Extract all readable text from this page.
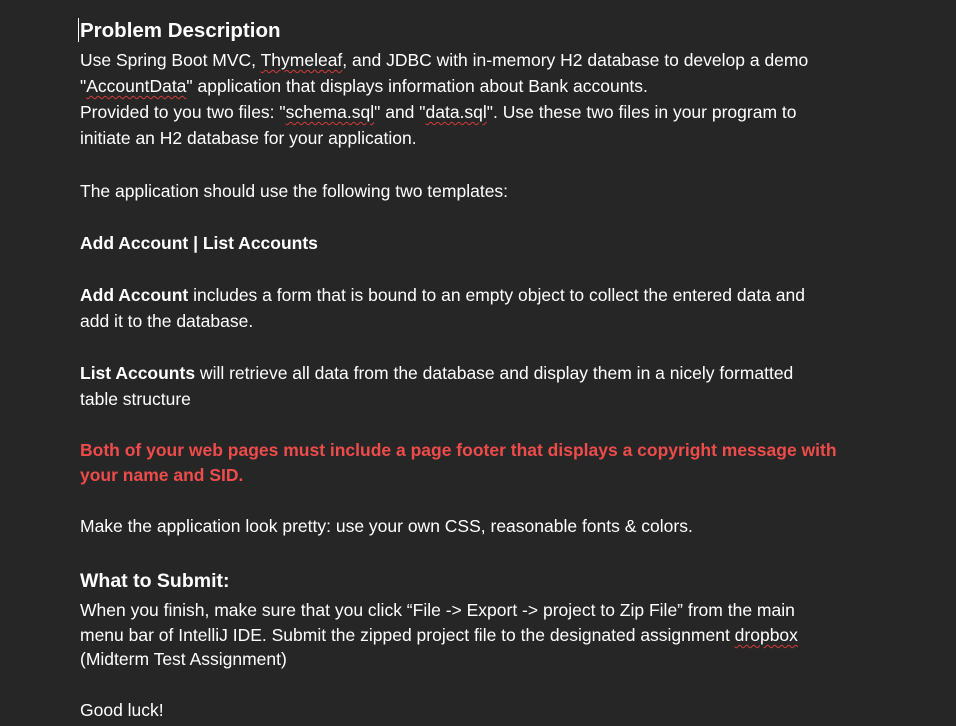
Problem Description
Use Spring Boot MVC, Thymeleaf, and JDBC with in-memory H2 database to develop a demo
"AccountData" application that displays information about Bank accounts.
Provided to you two files: "schema.sql" and "data.sql". Use these two files in your program to
initiate an H2 database for your application.
The application should use the following two templates:
Add Account | List Accounts
Add Account includes a form that is bound to an empty object to collect the entered data and
add it to the database.
List Accounts will retrieve all data from the database and display them in a nicely formatted
table structure
Both of your web pages must include a page footer that displays a copyright message with
your name and SID.
Make the application look pretty: use your own CSS, reasonable fonts & colors.
What to Submit:
When you finish, make sure that you click “File -> Export -> project to Zip File” from the main
menu bar of IntelliJ IDE. Submit the zipped project file to the designated assignment dropbox
(Midterm Test Assignment)
Good luck!
